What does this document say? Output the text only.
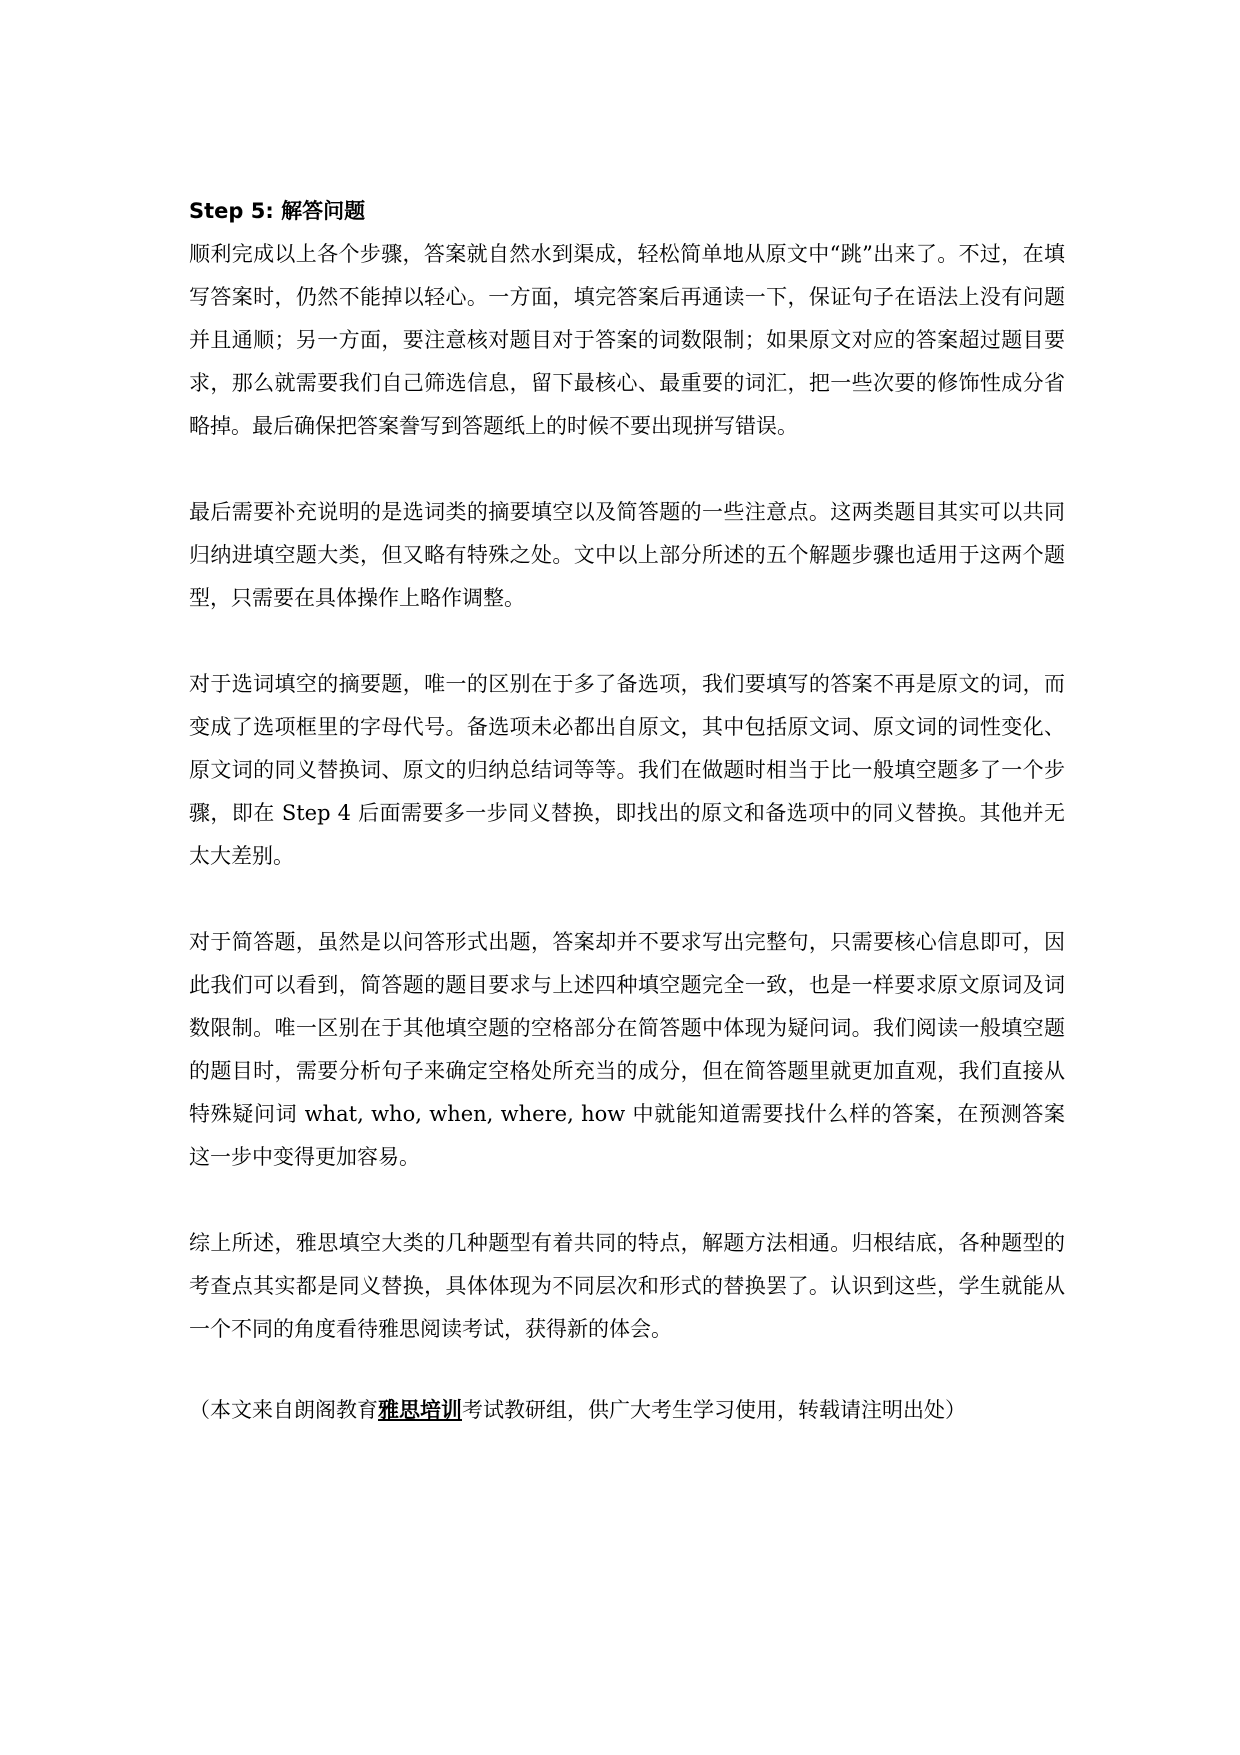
Step 5: 解答问题

顺利完成以上各个步骤，答案就自然水到渠成，轻松简单地从原文中“跳”出来了。不过，在填写答案时，仍然不能掉以轻心。一方面，填完答案后再通读一下，保证句子在语法上没有问题并且通顺；另一方面，要注意核对题目对于答案的词数限制；如果原文对应的答案超过题目要求，那么就需要我们自己筛选信息，留下最核心、最重要的词汇，把一些次要的修饰性成分省略掉。最后确保把答案誊写到答题纸上的时候不要出现拼写错误。

最后需要补充说明的是选词类的摘要填空以及简答题的一些注意点。这两类题目其实可以共同归纳进填空题大类，但又略有特殊之处。文中以上部分所述的五个解题步骤也适用于这两个题型，只需要在具体操作上略作调整。

对于选词填空的摘要题，唯一的区别在于多了备选项，我们要填写的答案不再是原文的词，而变成了选项框里的字母代号。备选项未必都出自原文，其中包括原文词、原文词的词性变化、原文词的同义替换词、原文的归纳总结词等等。我们在做题时相当于比一般填空题多了一个步骤，即在 Step 4 后面需要多一步同义替换，即找出的原文和备选项中的同义替换。其他并无太大差别。

对于简答题，虽然是以问答形式出题，答案却并不要求写出完整句，只需要核心信息即可，因此我们可以看到，简答题的题目要求与上述四种填空题完全一致，也是一样要求原文原词及词数限制。唯一区别在于其他填空题的空格部分在简答题中体现为疑问词。我们阅读一般填空题的题目时，需要分析句子来确定空格处所充当的成分，但在简答题里就更加直观，我们直接从特殊疑问词 what, who, when, where, how 中就能知道需要找什么样的答案，在预测答案这一步中变得更加容易。

综上所述，雅思填空大类的几种题型有着共同的特点，解题方法相通。归根结底，各种题型的考查点其实都是同义替换，具体体现为不同层次和形式的替换罢了。认识到这些，学生就能从一个不同的角度看待雅思阅读考试，获得新的体会。

（本文来自朗阁教育雅思培训考试教研组，供广大考生学习使用，转载请注明出处）
